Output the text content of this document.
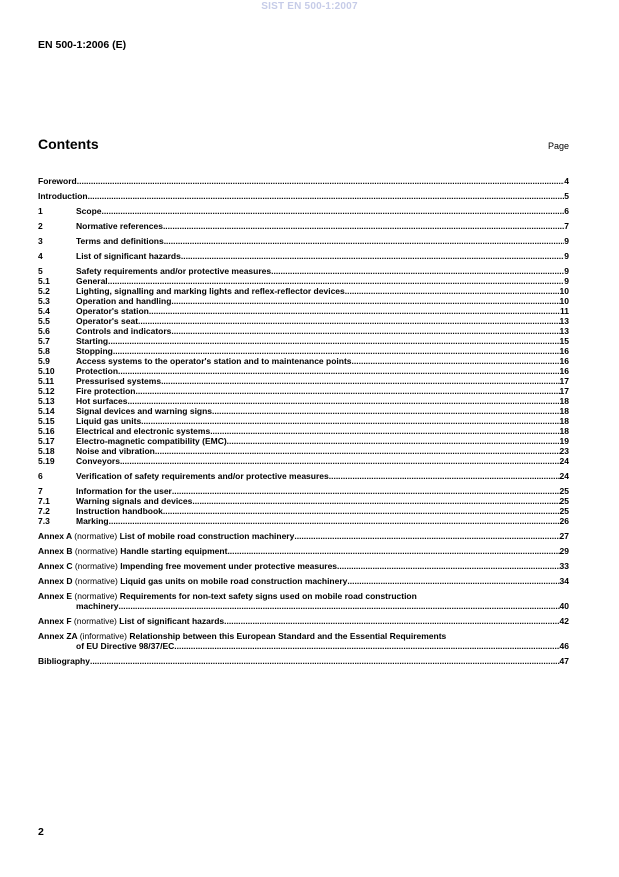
SIST EN 500-1:2007
EN 500-1:2006 (E)
Contents	Page
Foreword .....	4
Introduction .....	5
1	Scope .....	6
2	Normative references .....	7
3	Terms and definitions .....	9
4	List of significant hazards .....	9
5	Safety requirements and/or protective measures .....	9
5.1	General .....	9
5.2	Lighting, signalling and marking lights and reflex-reflector devices .....	10
5.3	Operation and handling .....	10
5.4	Operator's station .....	11
5.5	Operator's seat .....	13
5.6	Controls and indicators .....	13
5.7	Starting .....	15
5.8	Stopping .....	16
5.9	Access systems to the operator's station and to maintenance points .....	16
5.10	Protection .....	16
5.11	Pressurised systems .....	17
5.12	Fire protection .....	17
5.13	Hot surfaces .....	18
5.14	Signal devices and warning signs .....	18
5.15	Liquid gas units .....	18
5.16	Electrical and electronic systems .....	18
5.17	Electro-magnetic compatibility (EMC) .....	19
5.18	Noise and vibration .....	23
5.19	Conveyors .....	24
6	Verification of safety requirements and/or protective measures .....	24
7	Information for the user .....	25
7.1	Warning signals and devices .....	25
7.2	Instruction handbook .....	25
7.3	Marking .....	26
Annex A (normative) List of mobile road construction machinery .....	27
Annex B (normative) Handle starting equipment .....	29
Annex C (normative) Impending free movement under protective measures .....	33
Annex D (normative) Liquid gas units on mobile road construction machinery .....	34
Annex E (normative) Requirements for non-text safety signs used on mobile road construction
machinery .....	40
Annex F (normative) List of significant hazards .....	42
Annex ZA (informative) Relationship between this European Standard and the Essential Requirements
of EU Directive 98/37/EC .....	46
Bibliography .....	47
2
